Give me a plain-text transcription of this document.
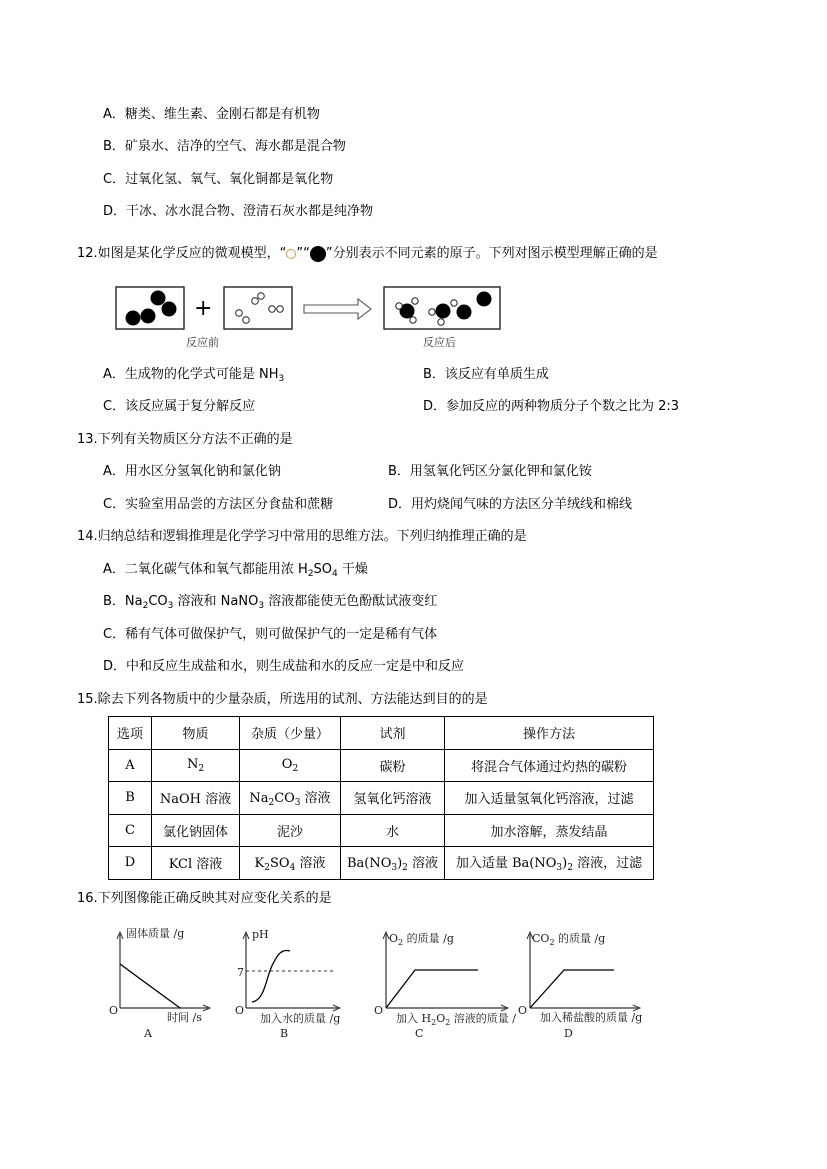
A．糖类、维生素、金刚石都是有机物
B．矿泉水、洁净的空气、海水都是混合物
C．过氧化氢、氧气、氧化铜都是氧化物
D．干冰、冰水混合物、澄清石灰水都是纯净物
12.如图是某化学反应的微观模型，“ ”“ ”分别表示不同元素的原子。下列对图示模型理解正确的是
+
反应前	反应后
A．生成物的化学式可能是 $NH_3$	B．该反应有单质生成
C．该反应属于复分解反应	D．参加反应的两种物质分子个数之比为 2:3
13.下列有关物质区分方法不正确的是
A．用水区分氢氧化钠和氯化钠	B．用氢氧化钙区分氯化钾和氯化铵
C．实验室用品尝的方法区分食盐和蔗糖	D．用灼烧闻气味的方法区分羊绒线和棉线
14.归纳总结和逻辑推理是化学学习中常用的思维方法。下列归纳推理正确的是
A．二氧化碳气体和氧气都能用浓 $H_2SO_4$ 干燥
B．$Na_2CO_3$ 溶液和 NaNO$_3$ 溶液都能使无色酚酞试液变红
C．稀有气体可做保护气，则可做保护气的一定是稀有气体
D．中和反应生成盐和水，则生成盐和水的反应一定是中和反应
15.除去下列各物质中的少量杂质，所选用的试剂、方法能达到目的的是
选项	物质	杂质（少量）	试剂	操作方法
A	$N_2$	$O_2$	碳粉	将混合气体通过灼热的碳粉
B	NaOH 溶液	$Na_2CO_3$ 溶液	氢氧化钙溶液	加入适量氢氧化钙溶液，过滤
C	氯化钠固体	泥沙	水	加水溶解，蒸发结晶
D	KCl 溶液	$K_2SO_4$ 溶液	$Ba(NO_3)_2$ 溶液	加入适量 $Ba(NO_3)_2$ 溶液，过滤
16.下列图像能正确反映其对应变化关系的是
固体质量 /g
O
时间 /s
A
pH
7
O
加入水的质量 /g
B
$O_2$ 的质量 /g
O
加入 $H_2O_2$ 溶液的质量 /g
C
$CO_2$ 的质量 /g
O
加入稀盐酸的质量 /g
D
